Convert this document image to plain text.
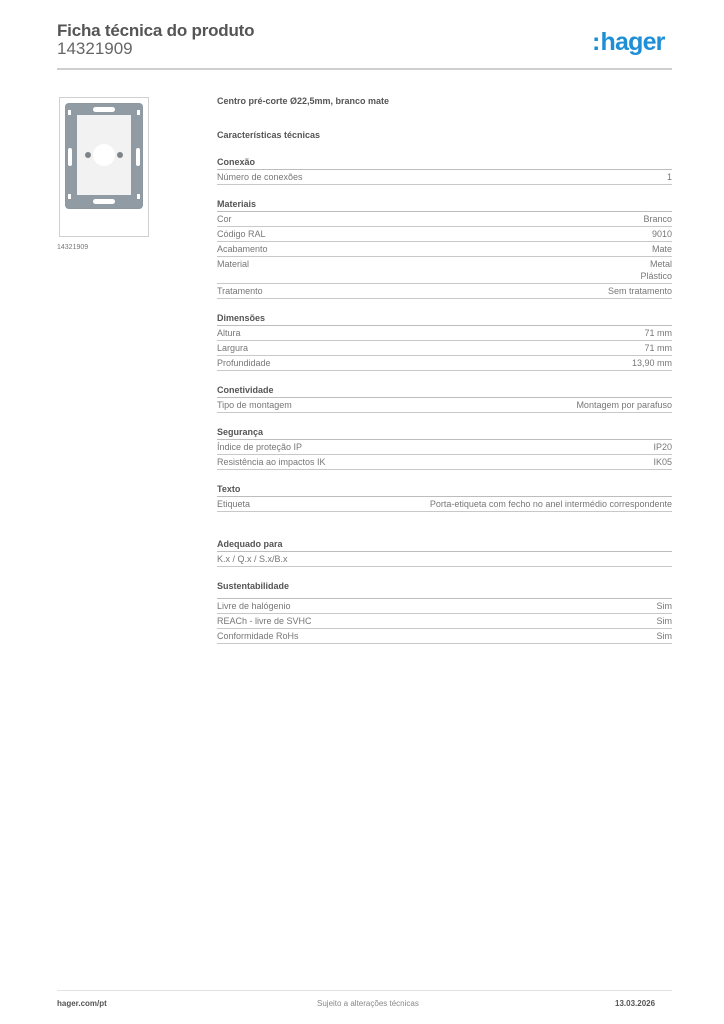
Ficha técnica do produto
14321909	:hager
14321909
Centro pré-corte Ø22,5mm, branco mate
Características técnicas
Conexão
Número de conexões	1
Materiais
Cor	Branco
Código RAL	9010
Acabamento	Mate
Material	Metal
Plástico
Tratamento	Sem tratamento
Dimensões
Altura	71 mm
Largura	71 mm
Profundidade	13,90 mm
Conetividade
Tipo de montagem	Montagem por parafuso
Segurança
Índice de proteção IP	IP20
Resistência ao impactos IK	IK05
Texto
Etiqueta	Porta-etiqueta com fecho no anel intermédio correspondente
Adequado para
K.x / Q.x / S.x/B.x
Sustentabilidade
Livre de halógenio	Sim
REACh - livre de SVHC	Sim
Conformidade RoHs	Sim
hager.com/pt	Sujeito a alterações técnicas	13.03.2026
